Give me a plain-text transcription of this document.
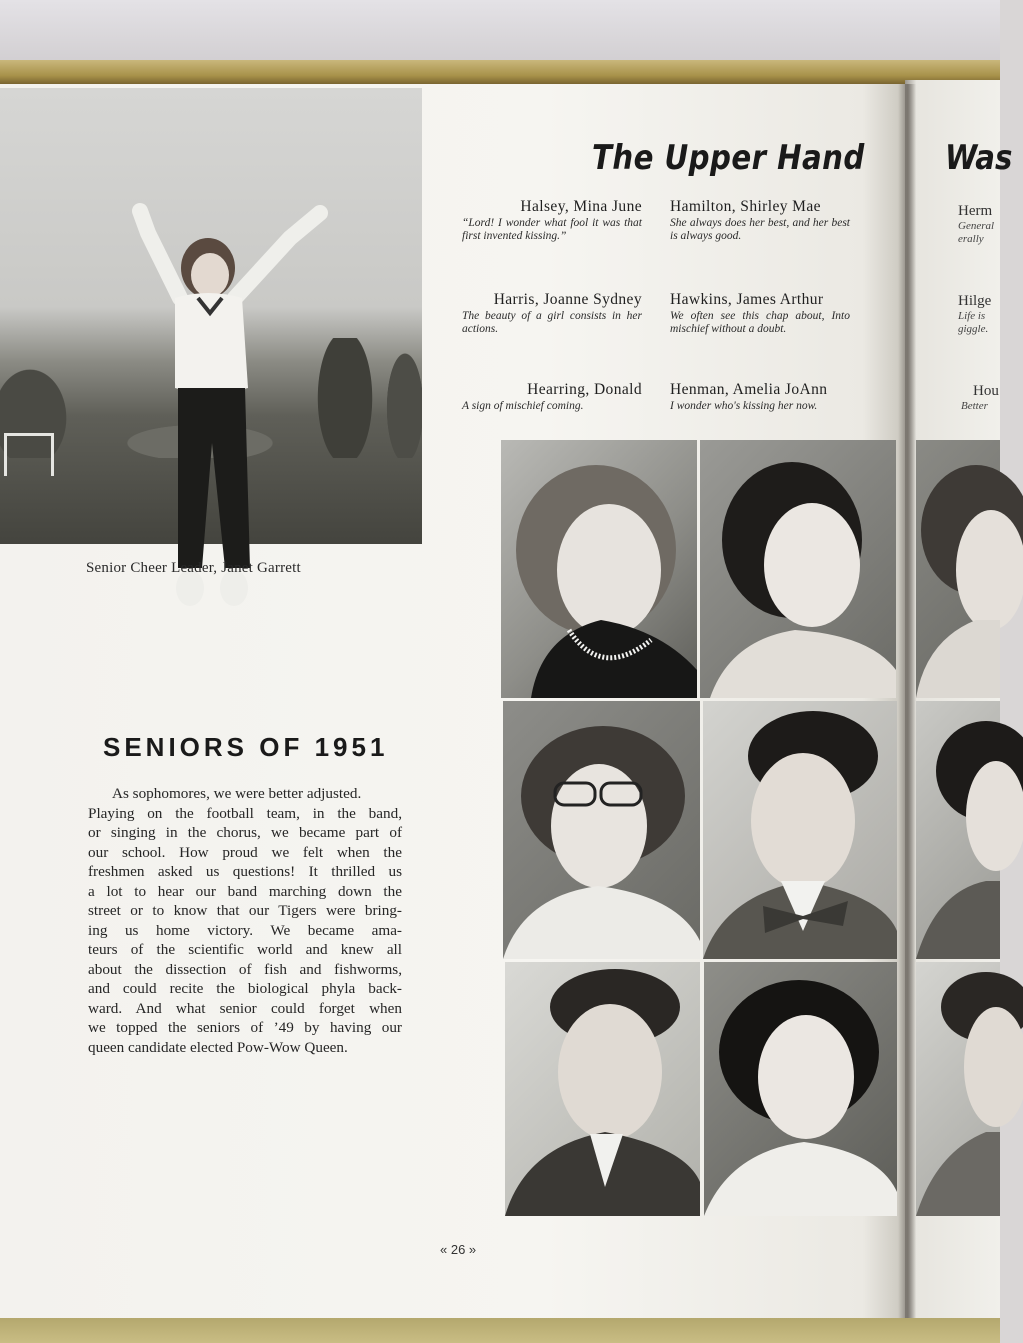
Senior Cheer Leader, Janet Garrett
The Upper Hand Was
Halsey, Mina June
“Lord! I wonder what fool it was that first invented kissing.”
Hamilton, Shirley Mae
She always does her best, and her best is always good.
Harris, Joanne Sydney
The beauty of a girl consists in her actions.
Hawkins, James Arthur
We often see this chap about, Into mischief without a doubt.
Hearring, Donald
A sign of mischief coming.
Henman, Amelia JoAnn
I wonder who's kissing her now.
Herm
General
erally
Hilge
Life is
giggle.
Hou
Better
SENIORS OF 1951
As sophomores, we were better adjusted.
Playing on the football team, in the band,
or singing in the chorus, we became part of
our school. How proud we felt when the
freshmen asked us questions! It thrilled us
a lot to hear our band marching down the
street or to know that our Tigers were bring-
ing us home victory. We became ama-
teurs of the scientific world and knew all
about the dissection of fish and fishworms,
and could recite the biological phyla back-
ward. And what senior could forget when
we topped the seniors of ’49 by having our
queen candidate elected Pow-Wow Queen.
« 26 »
